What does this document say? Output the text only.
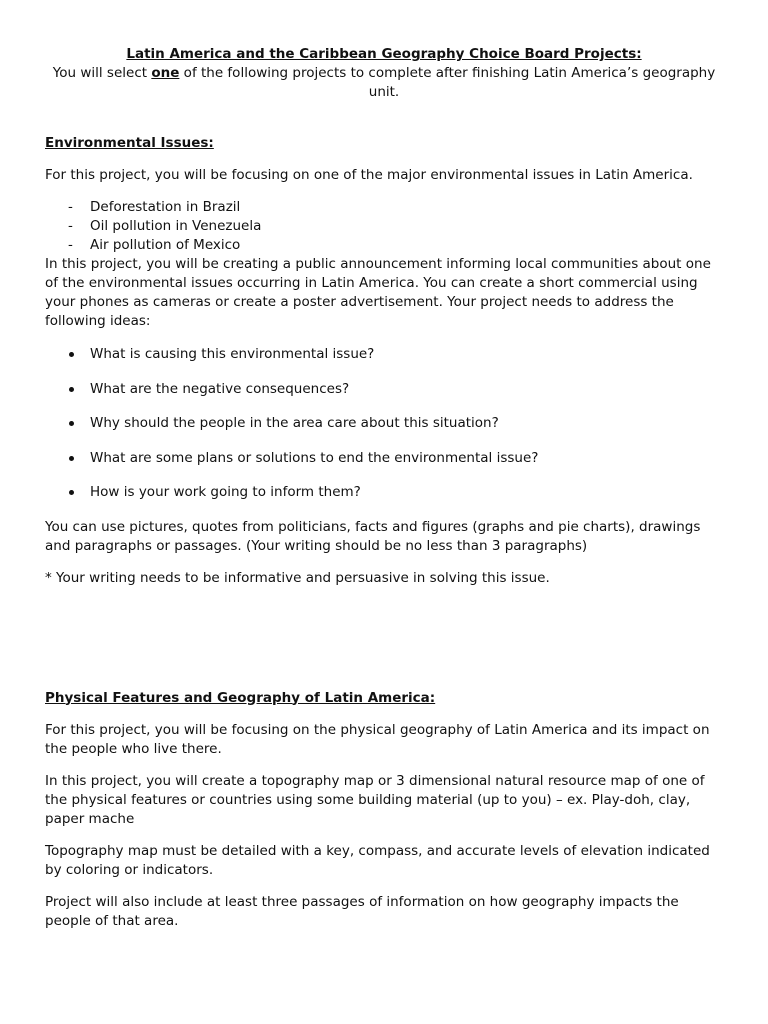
Latin America and the Caribbean Geography Choice Board Projects:

You will select one of the following projects to complete after finishing Latin America’s geography unit.

Environmental Issues:

For this project, you will be focusing on one of the major environmental issues in Latin America.

- Deforestation in Brazil
- Oil pollution in Venezuela
- Air pollution of Mexico

In this project, you will be creating a public announcement informing local communities about one of the environmental issues occurring in Latin America. You can create a short commercial using your phones as cameras or create a poster advertisement. Your project needs to address the following ideas:

What is causing this environmental issue?
What are the negative consequences?
Why should the people in the area care about this situation?
What are some plans or solutions to end the environmental issue?
How is your work going to inform them?

You can use pictures, quotes from politicians, facts and figures (graphs and pie charts), drawings and paragraphs or passages. (Your writing should be no less than 3 paragraphs)

* Your writing needs to be informative and persuasive in solving this issue.

Physical Features and Geography of Latin America:

For this project, you will be focusing on the physical geography of Latin America and its impact on the people who live there.

In this project, you will create a topography map or 3 dimensional natural resource map of one of the physical features or countries using some building material (up to you) – ex. Play-doh, clay, paper mache

Topography map must be detailed with a key, compass, and accurate levels of elevation indicated by coloring or indicators.

Project will also include at least three passages of information on how geography impacts the people of that area.
